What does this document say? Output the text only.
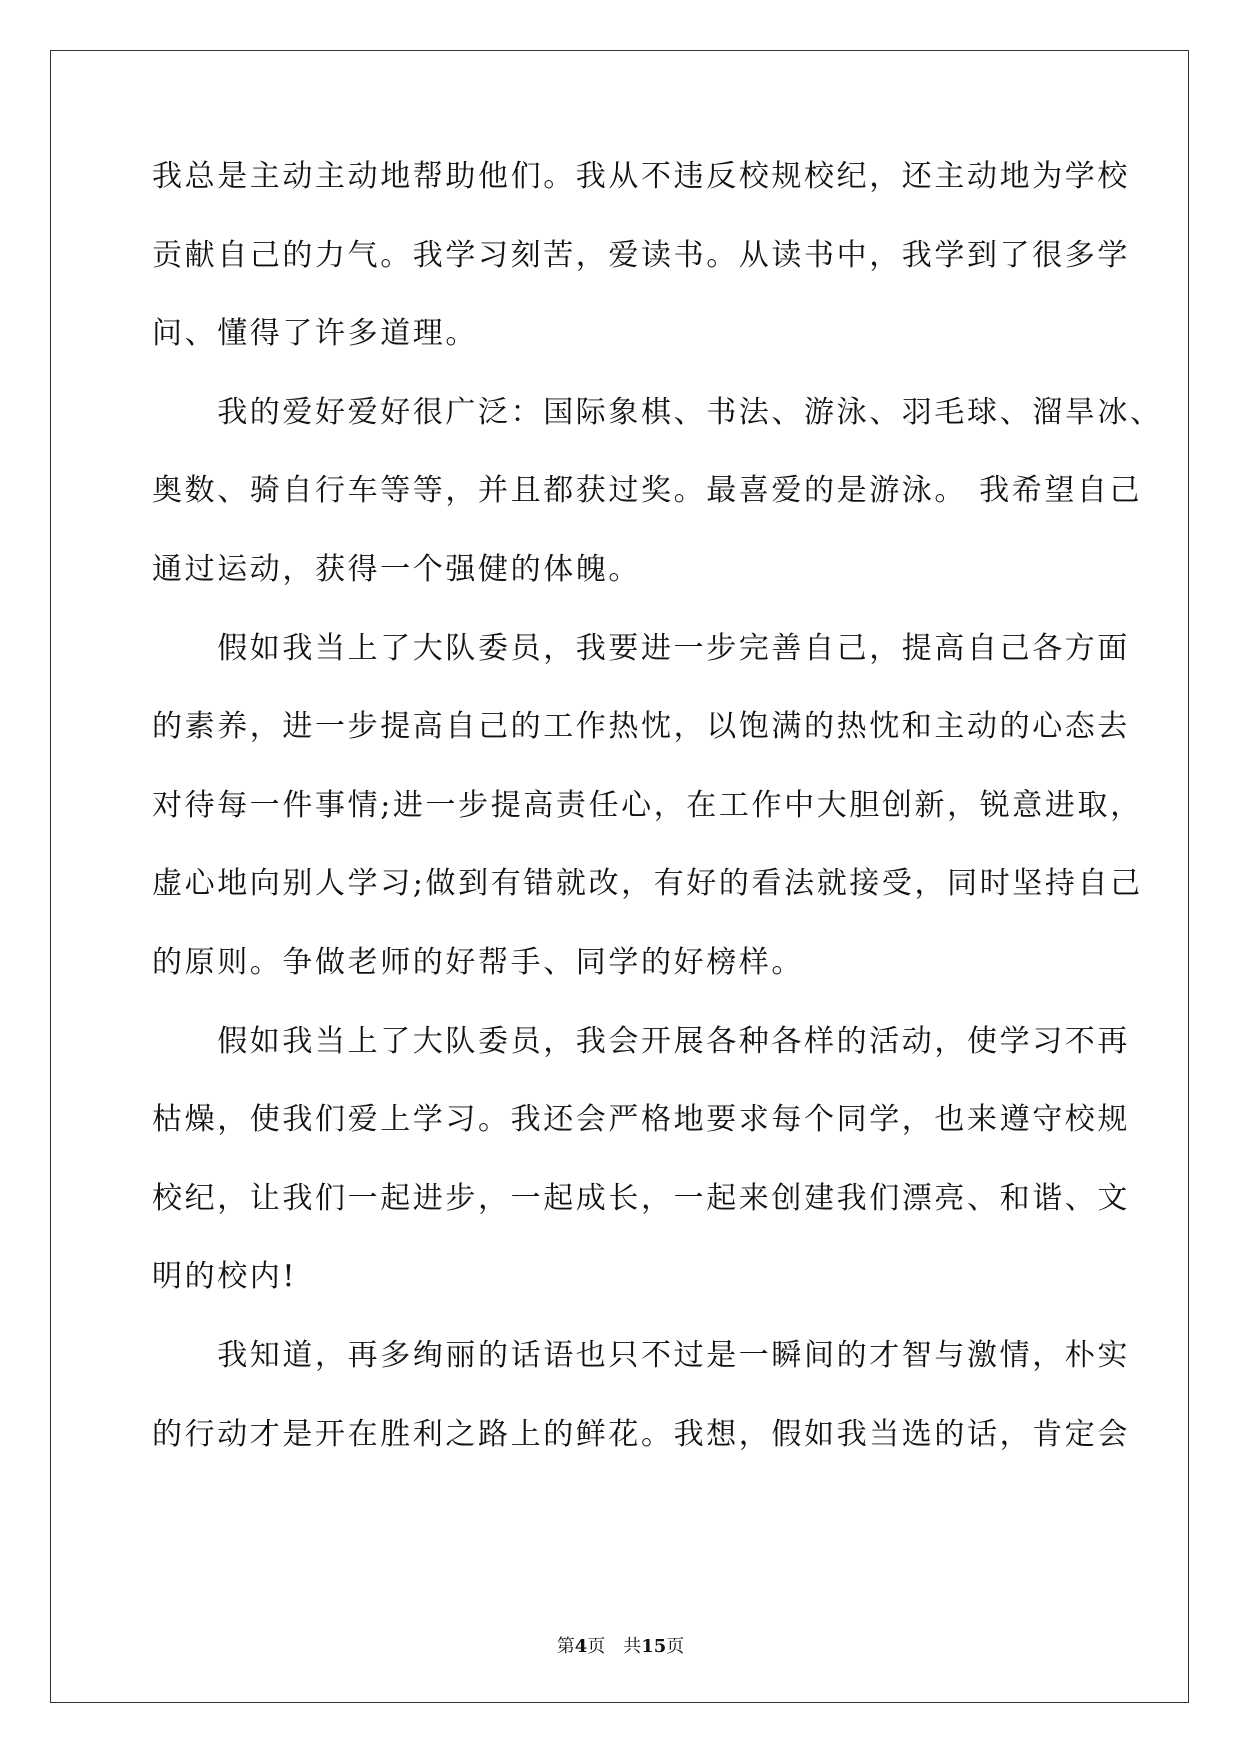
我总是主动主动地帮助他们。我从不违反校规校纪，还主动地为学校
贡献自己的力气。我学习刻苦，爱读书。从读书中，我学到了很多学
问、懂得了许多道理。
　　我的爱好爱好很广泛：国际象棋、书法、游泳、羽毛球、溜旱冰、
奥数、骑自行车等等，并且都获过奖。最喜爱的是游泳。 我希望自己
通过运动，获得一个强健的体魄。
　　假如我当上了大队委员，我要进一步完善自己，提高自己各方面
的素养，进一步提高自己的工作热忱，以饱满的热忱和主动的心态去
对待每一件事情;进一步提高责任心，在工作中大胆创新，锐意进取，
虚心地向别人学习;做到有错就改，有好的看法就接受，同时坚持自己
的原则。争做老师的好帮手、同学的好榜样。
　　假如我当上了大队委员，我会开展各种各样的活动，使学习不再
枯燥，使我们爱上学习。我还会严格地要求每个同学，也来遵守校规
校纪，让我们一起进步，一起成长，一起来创建我们漂亮、和谐、文
明的校内!
　　我知道，再多绚丽的话语也只不过是一瞬间的才智与激情，朴实
的行动才是开在胜利之路上的鲜花。我想，假如我当选的话，肯定会
第4页 共15页
